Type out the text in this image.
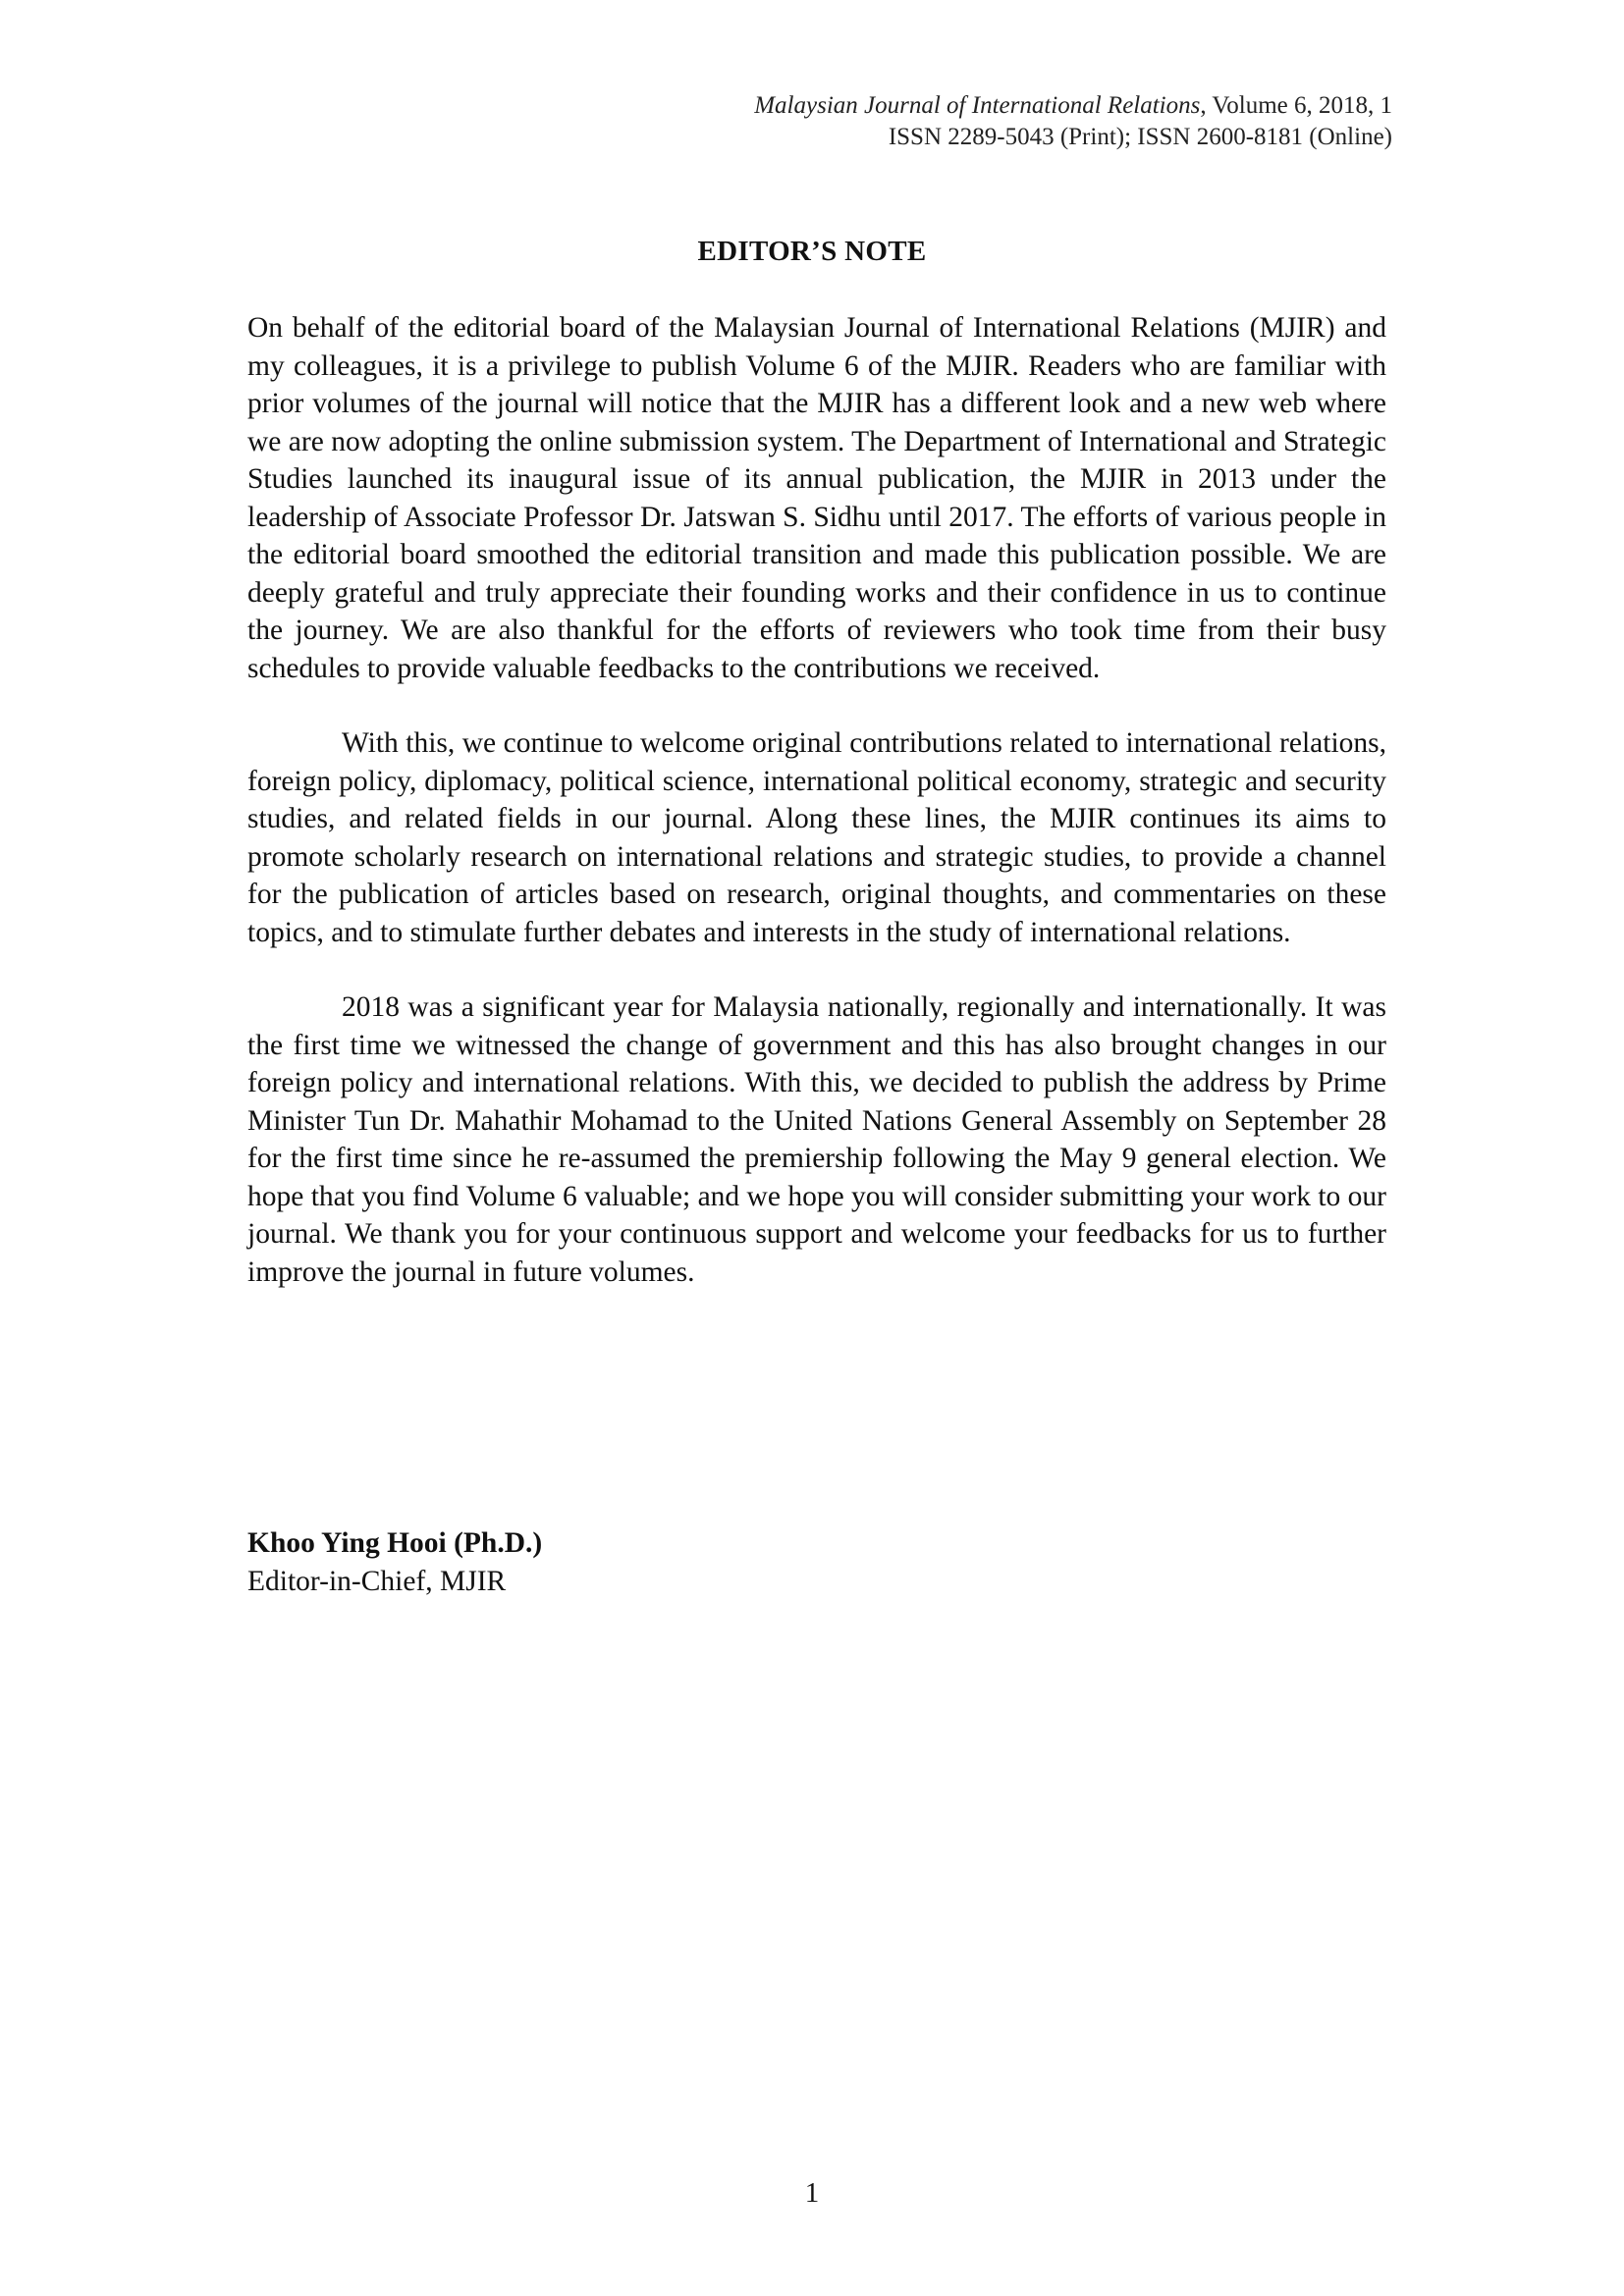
Malaysian Journal of International Relations, Volume 6, 2018, 1
ISSN 2289-5043 (Print); ISSN 2600-8181 (Online)
EDITOR’S NOTE

On behalf of the editorial board of the Malaysian Journal of International Relations (MJIR) and my colleagues, it is a privilege to publish Volume 6 of the MJIR. Readers who are familiar with prior volumes of the journal will notice that the MJIR has a different look and a new web where we are now adopting the online submission system. The Department of International and Strategic Studies launched its inaugural issue of its annual publication, the MJIR in 2013 under the leadership of Associate Professor Dr. Jatswan S. Sidhu until 2017. The efforts of various people in the editorial board smoothed the editorial transition and made this publication possible. We are deeply grateful and truly appreciate their founding works and their confidence in us to continue the journey. We are also thankful for the efforts of reviewers who took time from their busy schedules to provide valuable feedbacks to the contributions we received.

With this, we continue to welcome original contributions related to international relations, foreign policy, diplomacy, political science, international political economy, strategic and security studies, and related fields in our journal. Along these lines, the MJIR continues its aims to promote scholarly research on international relations and strategic studies, to provide a channel for the publication of articles based on research, original thoughts, and commentaries on these topics, and to stimulate further debates and interests in the study of international relations.

2018 was a significant year for Malaysia nationally, regionally and internationally. It was the first time we witnessed the change of government and this has also brought changes in our foreign policy and international relations. With this, we decided to publish the address by Prime Minister Tun Dr. Mahathir Mohamad to the United Nations General Assembly on September 28 for the first time since he re-assumed the premiership following the May 9 general election. We hope that you find Volume 6 valuable; and we hope you will consider submitting your work to our journal. We thank you for your continuous support and welcome your feedbacks for us to further improve the journal in future volumes.

Khoo Ying Hooi (Ph.D.)
Editor-in-Chief, MJIR
1
